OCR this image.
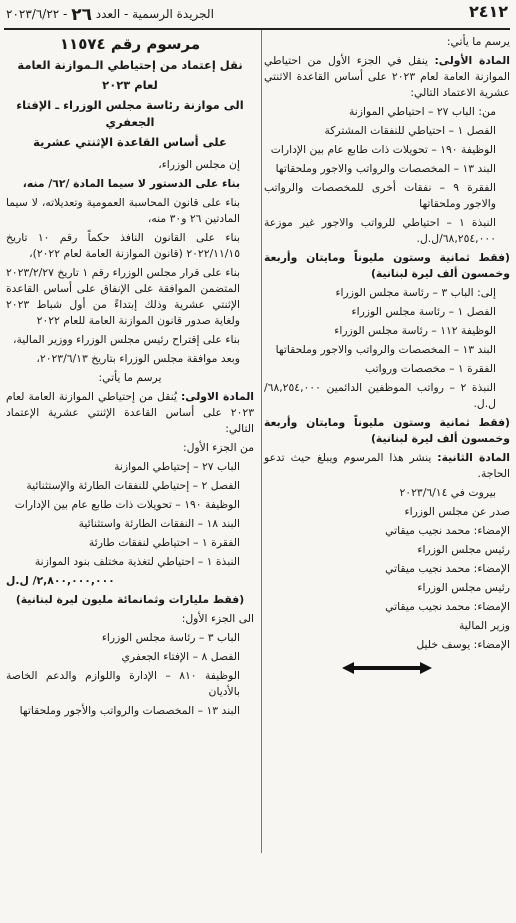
٢٤١٢
الجريدة الرسمية - العدد ٢٦ - ٢٠٢٣/٦/٢٢

يرسم ما يأتي:

المادة الأولى: ينقل في الجزء الأول من احتياطي الموازنة العامة لعام ٢٠٢٣ على أساس القاعدة الاثنتي عشرية الاعتماد التالي:

من: الباب ٢٧ – احتياطي الموازنة

الفصل ١ – احتياطي للنفقات المشتركة

الوظيفة ١٩٠ – تحويلات ذات طابع عام بين الإدارات

البند ١٣ – المخصصات والرواتب والاجور وملحقاتها

الفقرة ٩ – نفقات أخرى للمخصصات والرواتب والاجور وملحقاتها

النبذة ١ – احتياطي للرواتب والاجور غير موزعة ٦٨,٢٥٤,٠٠٠/ل.ل.

(فقط ثمانية وستون مليوناً ومايتان وأربعة وخمسون ألف ليرة لبنانية)

إلى: الباب ٣ – رئاسة مجلس الوزراء

الفصل ١ – رئاسة مجلس الوزراء

الوظيفة ١١٢ – رئاسة مجلس الوزراء

البند ١٣ – المخصصات والرواتب والاجور وملحقاتها

الفقرة ١ – مخصصات ورواتب

النبذة ٢ – رواتب الموظفين الدائمين ٦٨,٢٥٤,٠٠٠/ل.ل.

(فقط ثمانية وستون مليوناً ومايتان وأربعة وخمسون ألف ليرة لبنانية)

المادة الثانية: ينشر هذا المرسوم ويبلغ حيث تدعو الحاجة.

بيروت في ٢٠٢٣/٦/١٤

صدر عن مجلس الوزراء

الإمضاء: محمد نجيب ميقاتي

رئيس مجلس الوزراء

الإمضاء: محمد نجيب ميقاتي

رئيس مجلس الوزراء

الإمضاء: محمد نجيب ميقاتي

وزير المالية

الإمضاء: يوسف خليل

مرسوم رقم ١١٥٧٤

نقل إعتماد من إحتياطي الـموازنة العامة

لعام ٢٠٢٣

الى موازنة رئاسة مجلس الوزراء ـ الإفتاء الجعفري

على أساس القاعدة الإثنتي عشرية

إن مجلس الوزراء،

بناء على الدستور لا سيما المادة /٦٢/ منه،

بناء على قانون المحاسبة العمومية وتعديلاته، لا سيما المادتين ٢٦ و٣٠ منه،

بناء على القانون النافذ حكماً رقم ١٠ تاريخ ٢٠٢٢/١١/١٥ (قانون الموازنة العامة لعام ٢٠٢٢)،

بناء على قرار مجلس الوزراء رقم ١ تاريخ ٢٠٢٣/٢/٢٧ المتضمن الموافقة على الإنفاق على أساس القاعدة الإثنتي عشرية وذلك إبتداءً من أول شباط ٢٠٢٣ ولغاية صدور قانون الموازنة العامة للعام ٢٠٢٢

بناء على إقتراح رئيس مجلس الوزراء ووزير المالية،

وبعد موافقة مجلس الوزراء بتاريخ ٢٠٢٣/٦/١٣،

يرسم ما يأتي:

المادة الاولى: يُنقل من إحتياطي الموازنة العامة لعام ٢٠٢٣ على أساس القاعدة الإثنتي عشرية الإعتماد التالي:

من الجزء الأول:

الباب ٢٧ – إحتياطي الموازنة

الفصل ٢ – إحتياطي للنفقات الطارئة والإستثنائية

الوظيفة ١٩٠ – تحويلات ذات طابع عام بين الإدارات

البند ١٨ – النفقات الطارئة واستثنائية

الفقرة ١ – احتياطي لنفقات طارئة

النبذة ١ – احتياطي لتغذية مختلف بنود الموازنة

٢,٨٠٠,٠٠٠,٠٠٠/ ل.ل

(فقط مليارات وثمانمائة مليون ليرة لبنانية)

الى الجزء الأول:

الباب ٣ – رئاسة مجلس الوزراء

الفصل ٨ – الإفتاء الجعفري

الوظيفة ٨١٠ – الإدارة واللوازم والدعم الخاصة بالأديان

البند ١٣ – المخصصات والرواتب والأجور وملحقاتها
